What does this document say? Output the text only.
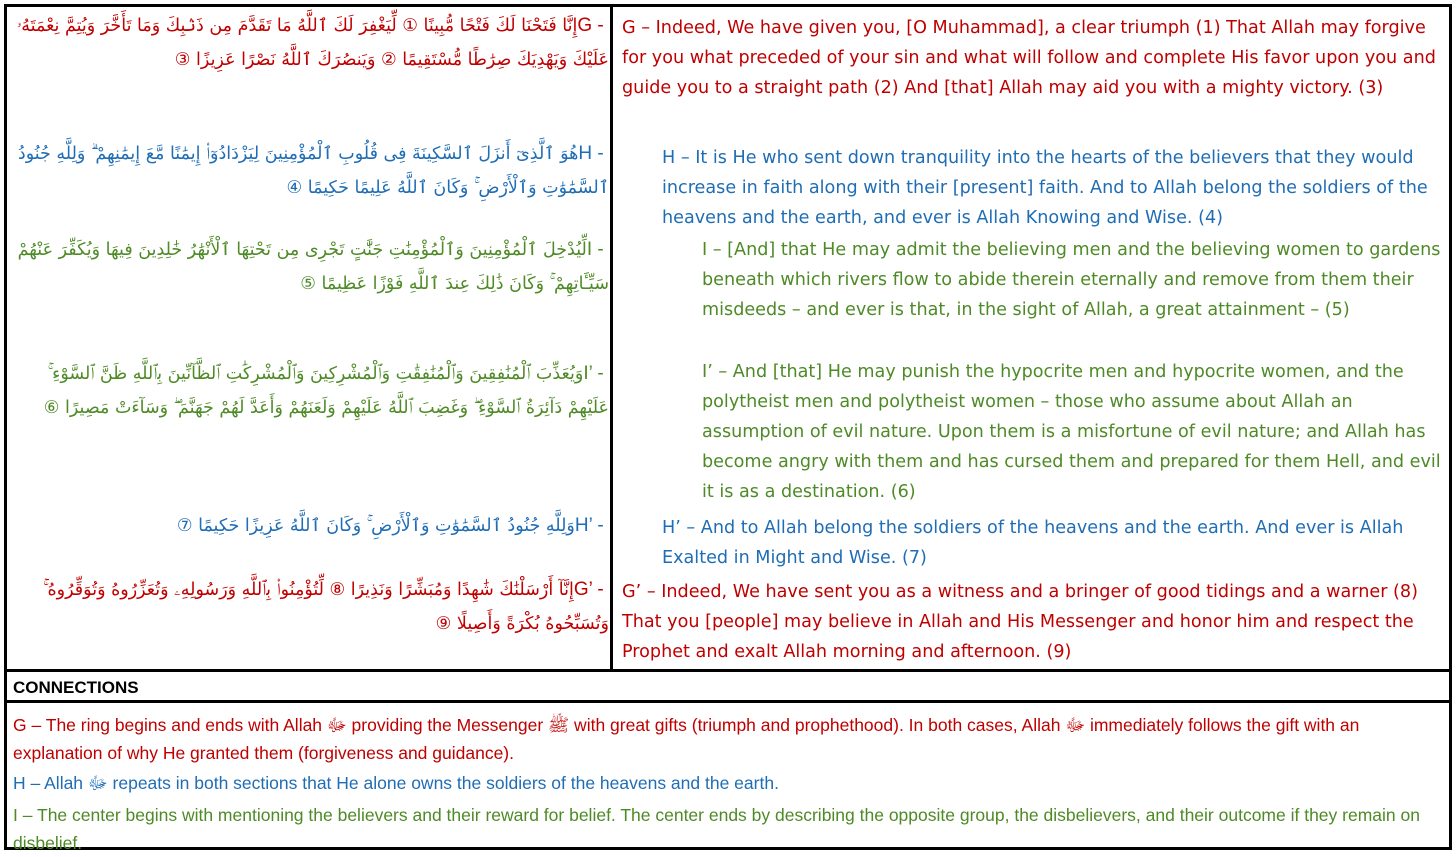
G - إِنَّا فَتَحْنَا لَكَ فَتْحًا مُّبِينًا ① لِّيَغْفِرَ لَكَ ٱللَّهُ مَا تَقَدَّمَ مِن ذَنۢبِكَ وَمَا تَأَخَّرَ وَيُتِمَّ نِعْمَتَهُۥ عَلَيْكَ وَيَهْدِيَكَ صِرَٰطًا مُّسْتَقِيمًا ② وَيَنصُرَكَ ٱللَّهُ نَصْرًا عَزِيزًا ③
H - هُوَ ٱلَّذِىٓ أَنزَلَ ٱلسَّكِينَةَ فِى قُلُوبِ ٱلْمُؤْمِنِينَ لِيَزْدَادُوٓا۟ إِيمَٰنًا مَّعَ إِيمَٰنِهِمْ ۗ وَلِلَّهِ جُنُودُ ٱلسَّمَٰوَٰتِ وَٱلْأَرْضِ ۚ وَكَانَ ٱللَّهُ عَلِيمًا حَكِيمًا ④
I - لِّيُدْخِلَ ٱلْمُؤْمِنِينَ وَٱلْمُؤْمِنَٰتِ جَنَّٰتٍ تَجْرِى مِن تَحْتِهَا ٱلْأَنْهَٰرُ خَٰلِدِينَ فِيهَا وَيُكَفِّرَ عَنْهُمْ سَيِّـَٔاتِهِمْ ۚ وَكَانَ ذَٰلِكَ عِندَ ٱللَّهِ فَوْزًا عَظِيمًا ⑤
I’ - وَيُعَذِّبَ ٱلْمُنَٰفِقِينَ وَٱلْمُنَٰفِقَٰتِ وَٱلْمُشْرِكِينَ وَٱلْمُشْرِكَٰتِ ٱلظَّآنِّينَ بِٱللَّهِ ظَنَّ ٱلسَّوْءِ ۚ عَلَيْهِمْ دَآئِرَةُ ٱلسَّوْءِ ۖ وَغَضِبَ ٱللَّهُ عَلَيْهِمْ وَلَعَنَهُمْ وَأَعَدَّ لَهُمْ جَهَنَّمَ ۖ وَسَآءَتْ مَصِيرًا ⑥
H’ - وَلِلَّهِ جُنُودُ ٱلسَّمَٰوَٰتِ وَٱلْأَرْضِ ۚ وَكَانَ ٱللَّهُ عَزِيزًا حَكِيمًا ⑦
G’ - إِنَّآ أَرْسَلْنَٰكَ شَٰهِدًا وَمُبَشِّرًا وَنَذِيرًا ⑧ لِّتُؤْمِنُوا۟ بِٱللَّهِ وَرَسُولِهِۦ وَتُعَزِّرُوهُ وَتُوَقِّرُوهُ ۚ وَتُسَبِّحُوهُ بُكْرَةً وَأَصِيلًا ⑨
G – Indeed, We have given you, [O Muhammad], a clear triumph (1) That Allah may forgive for you what preceded of your sin and what will follow and complete His favor upon you and guide you to a straight path (2) And [that] Allah may aid you with a mighty victory. (3)
H – It is He who sent down tranquility into the hearts of the believers that they would increase in faith along with their [present] faith. And to Allah belong the soldiers of the heavens and the earth, and ever is Allah Knowing and Wise. (4)
I – [And] that He may admit the believing men and the believing women to gardens beneath which rivers flow to abide therein eternally and remove from them their misdeeds – and ever is that, in the sight of Allah, a great attainment – (5)
I’ – And [that] He may punish the hypocrite men and hypocrite women, and the polytheist men and polytheist women – those who assume about Allah an assumption of evil nature. Upon them is a misfortune of evil nature; and Allah has become angry with them and has cursed them and prepared for them Hell, and evil it is as a destination. (6)
H’ – And to Allah belong the soldiers of the heavens and the earth. And ever is Allah Exalted in Might and Wise. (7)
G’ – Indeed, We have sent you as a witness and a bringer of good tidings and a warner (8) That you [people] may believe in Allah and His Messenger and honor him and respect the Prophet and exalt Allah morning and afternoon. (9)
CONNECTIONS
G – The ring begins and ends with Allah ﷻ providing the Messenger ﷺ with great gifts (triumph and prophethood). In both cases, Allah ﷻ immediately follows the gift with an explanation of why He granted them (forgiveness and guidance).
H – Allah ﷻ repeats in both sections that He alone owns the soldiers of the heavens and the earth.
I – The center begins with mentioning the believers and their reward for belief. The center ends by describing the opposite group, the disbelievers, and their outcome if they remain on disbelief.
